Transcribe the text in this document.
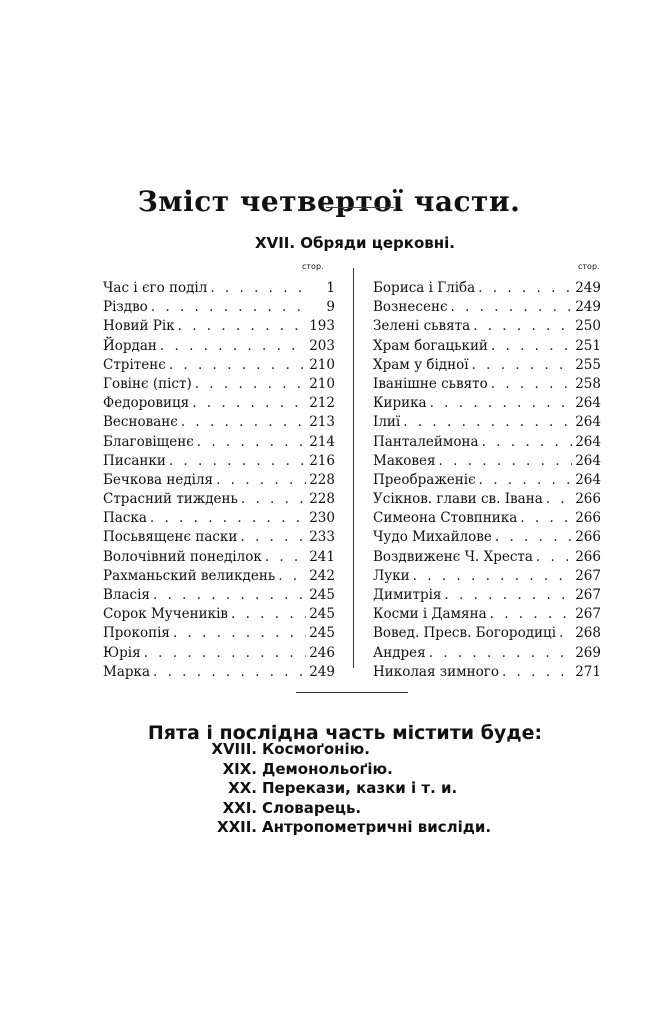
Зміст четвертої части.
XVII. Обряди церковні.
стор.	стор.
Час і єго поділ . . .	1
Різдво . . .	9
Новий Рік . . .	193
Йордан . . .	203
Стрітенє . . .	210
Говінє (піст) . . .	210
Федоровиця . . .	212
Веснованє . . .	213
Благовіщенє . . .	214
Писанки . . .	216
Бечкова неділя . . .	228
Страсний тиждень . . .	228
Паска . . .	230
Посьвященє паски . . .	233
Волочівний понеділок . . .	241
Рахманьский великдень . . .	242
Власія . . .	245
Сорок Мучеників . . .	245
Прокопія . . .	245
Юрія . . .	246
Марка . . .	249
Бориса і Гліба . . .	249
Вознесенє . . .	249
Зелені сьвята . . .	250
Храм богацький . . .	251
Храм у бідної . . .	255
Іванішне сьвято . . .	258
Кирика . . .	264
Ілиї . . .	264
Панталеймона . . .	264
Маковея . . .	264
Преображеніє . . .	264
Усікнов. глави св. Івана . . . 266
Симеона Стовпника . . .	266
Чудо Михайлове . . .	266
Воздвиженє Ч. Хреста . . .	266
Луки . . .	267
Димитрія . . .	267
Косми і Дамяна . . .	267
Вовед. Пресв. Богородиці . . . 268
Андрея . . .	269
Николая зимного . . .	271
Пята і послідна часть містити буде:
XVIII. Космоґонію.
XIX. Демонольоґію.
XX. Перекази, казки і т. и.
XXI. Словарець.
XXII. Антропометричні висліди.
